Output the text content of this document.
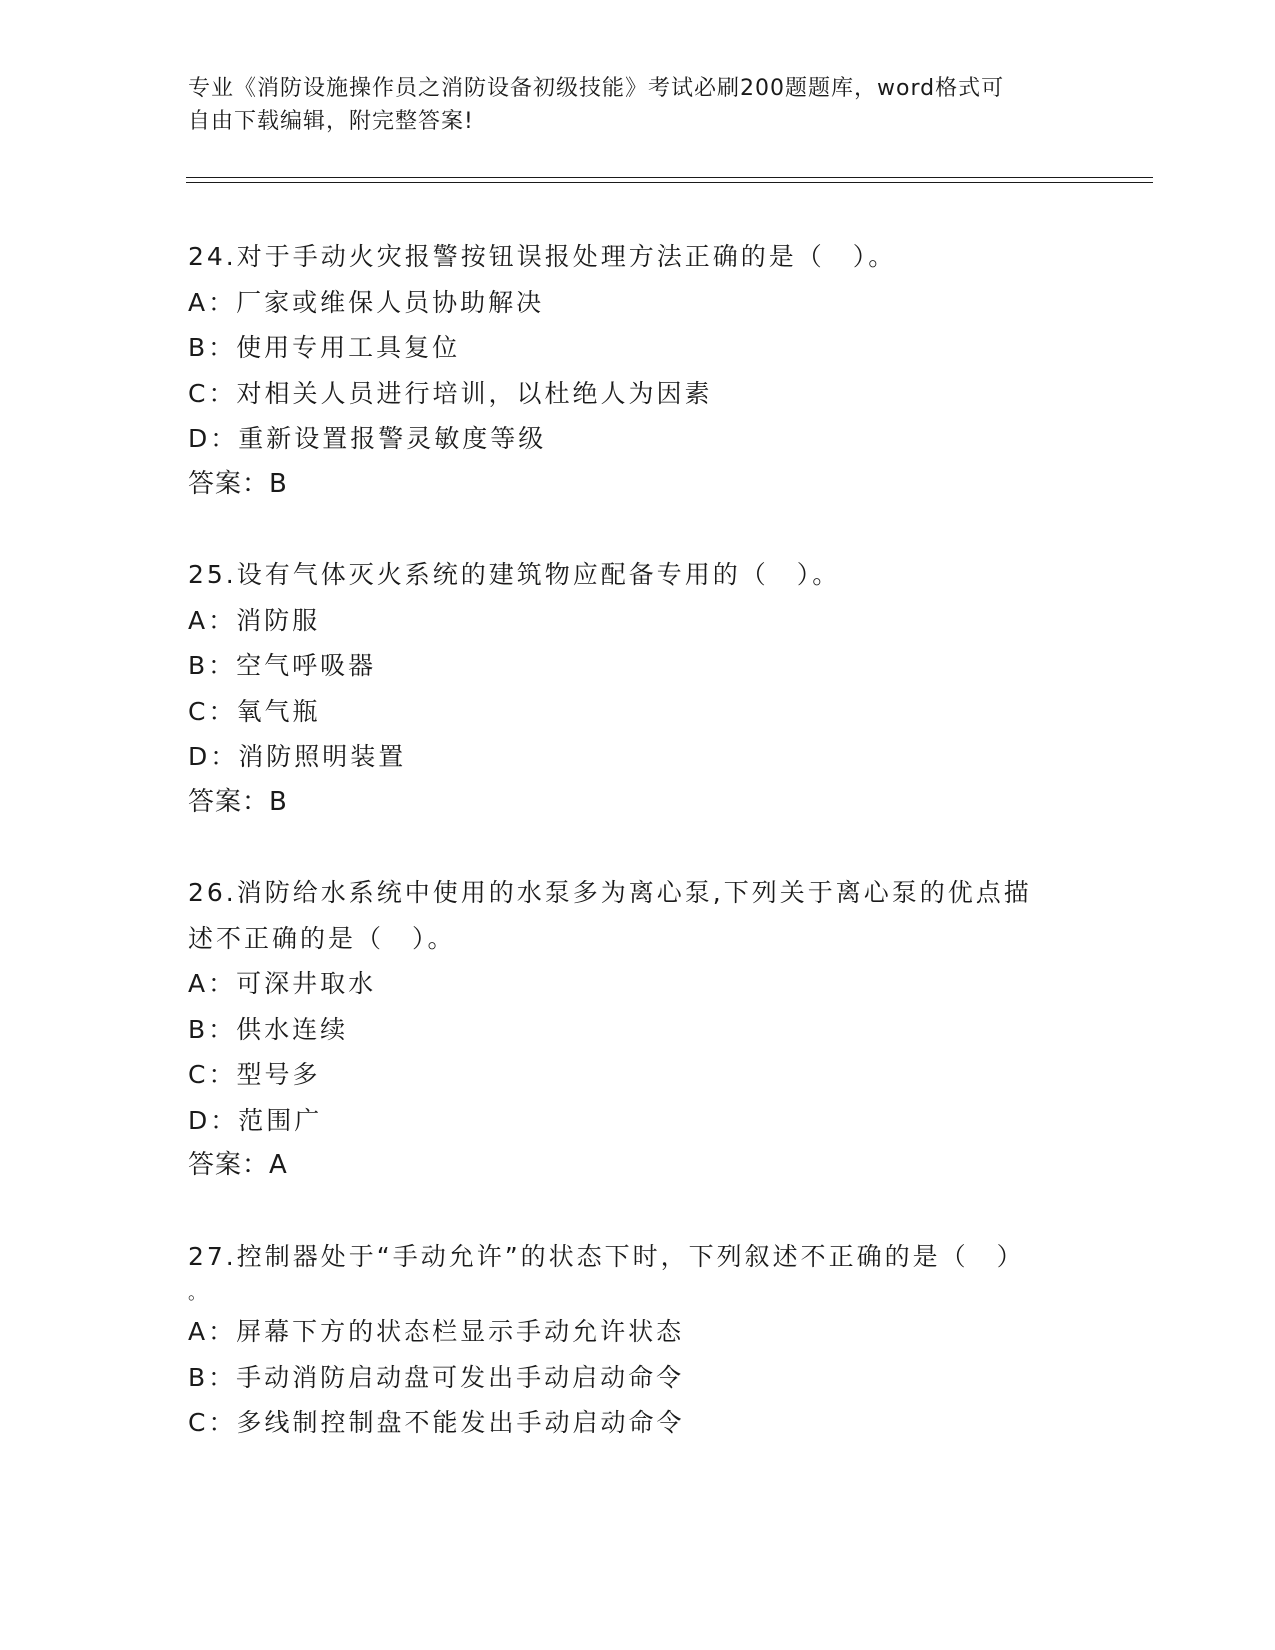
专业《消防设施操作员之消防设备初级技能》考试必刷200题题库，word格式可
自由下载编辑，附完整答案!
24.对于手动火灾报警按钮误报处理方法正确的是（　）。
A：厂家或维保人员协助解决
B：使用专用工具复位
C：对相关人员进行培训，以杜绝人为因素
D：重新设置报警灵敏度等级
答案：B
25.设有气体灭火系统的建筑物应配备专用的（　）。
A：消防服
B：空气呼吸器
C：氧气瓶
D：消防照明装置
答案：B
26.消防给水系统中使用的水泵多为离心泵,下列关于离心泵的优点描
述不正确的是（　）。
A：可深井取水
B：供水连续
C：型号多
D：范围广
答案：A
27.控制器处于“手动允许”的状态下时，下列叙述不正确的是（　）
。
A：屏幕下方的状态栏显示手动允许状态
B：手动消防启动盘可发出手动启动命令
C：多线制控制盘不能发出手动启动命令
